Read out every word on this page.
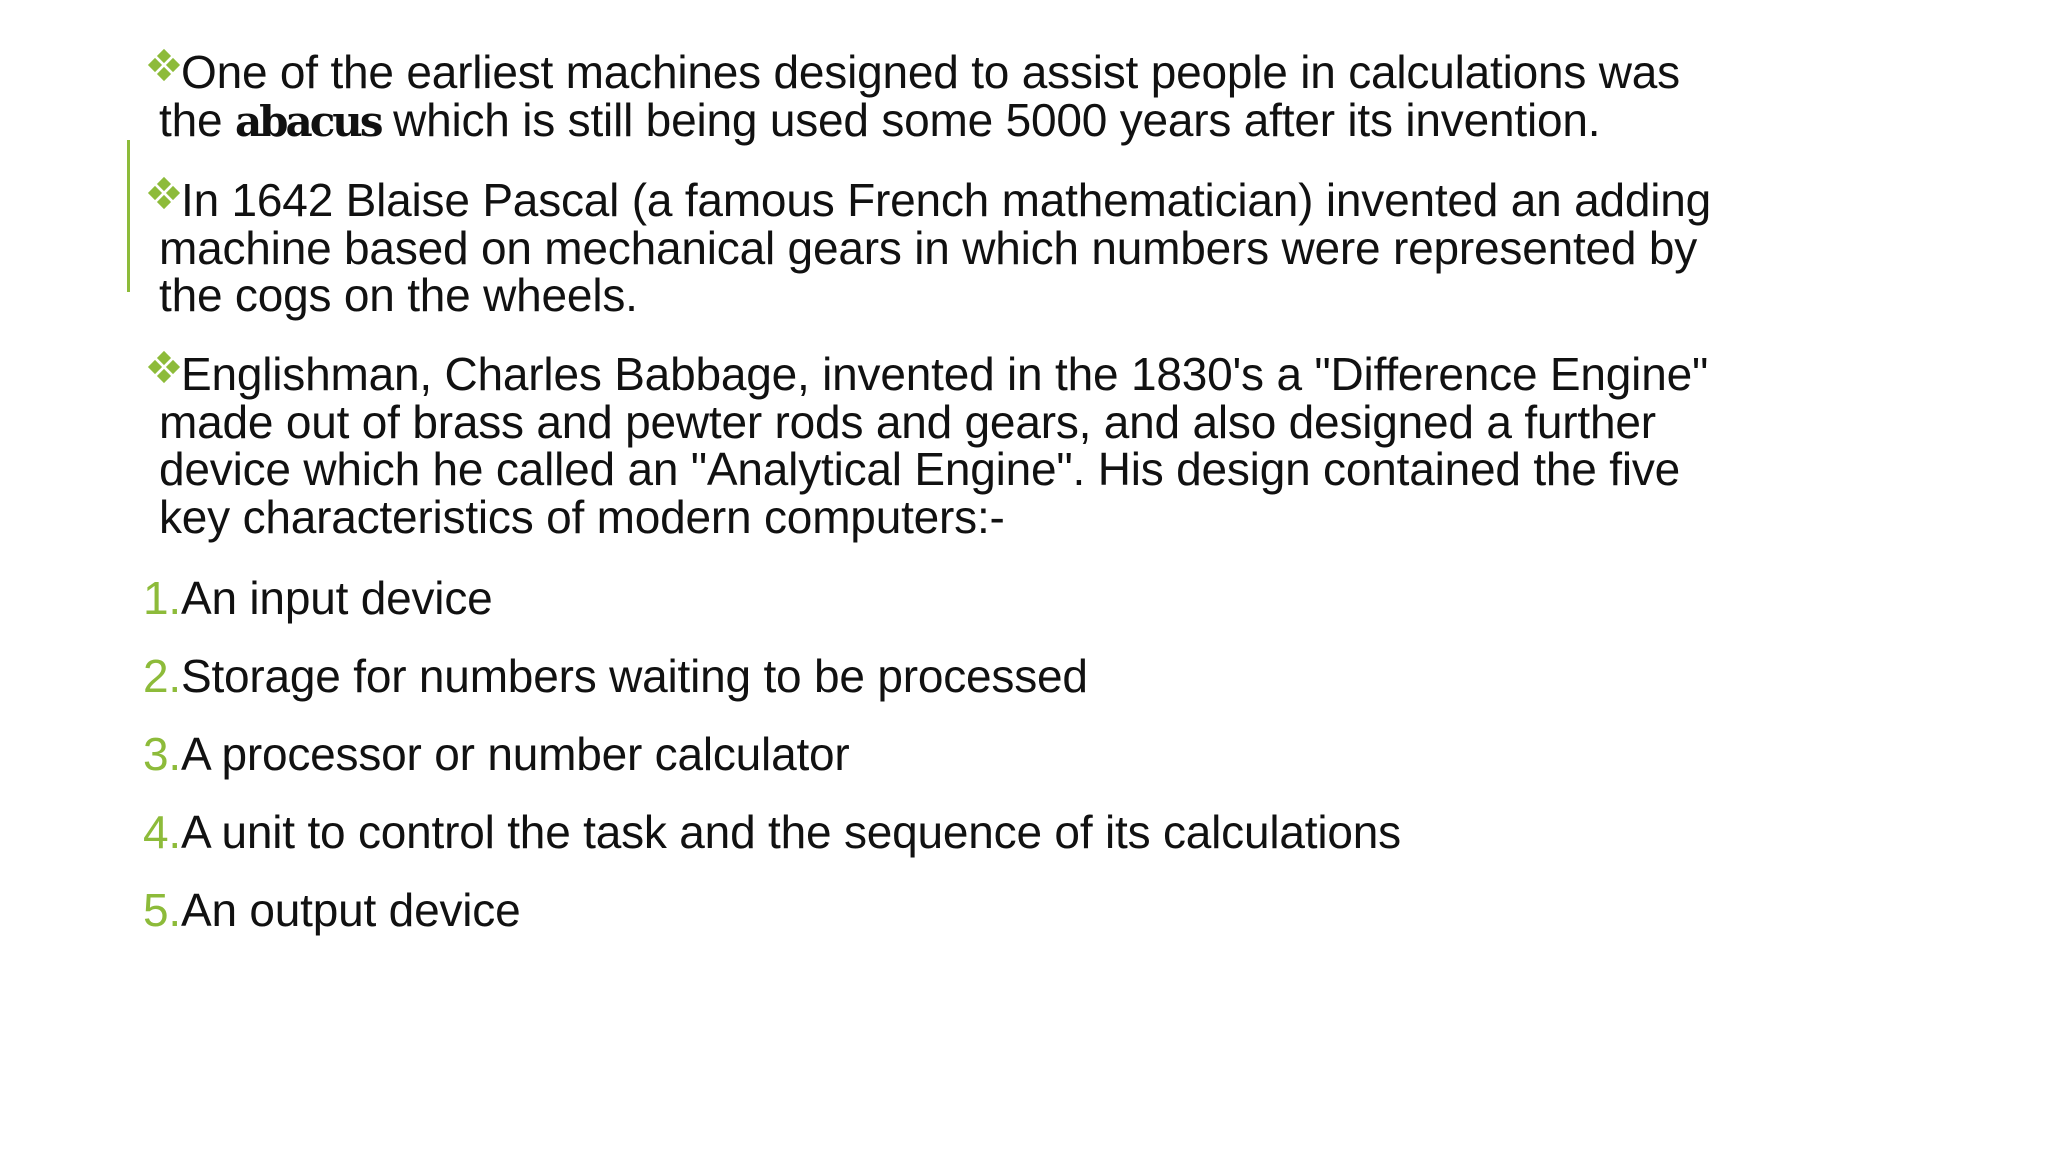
One of the earliest machines designed to assist people in calculations was
the abacus which is still being used some 5000 years after its invention.
In 1642 Blaise Pascal (a famous French mathematician) invented an adding
machine based on mechanical gears in which numbers were represented by
the cogs on the wheels.
Englishman, Charles Babbage, invented in the 1830's a "Difference Engine"
made out of brass and pewter rods and gears, and also designed a further
device which he called an "Analytical Engine". His design contained the five
key characteristics of modern computers:-
1.An input device
2.Storage for numbers waiting to be processed
3.A processor or number calculator
4.A unit to control the task and the sequence of its calculations
5.An output device
